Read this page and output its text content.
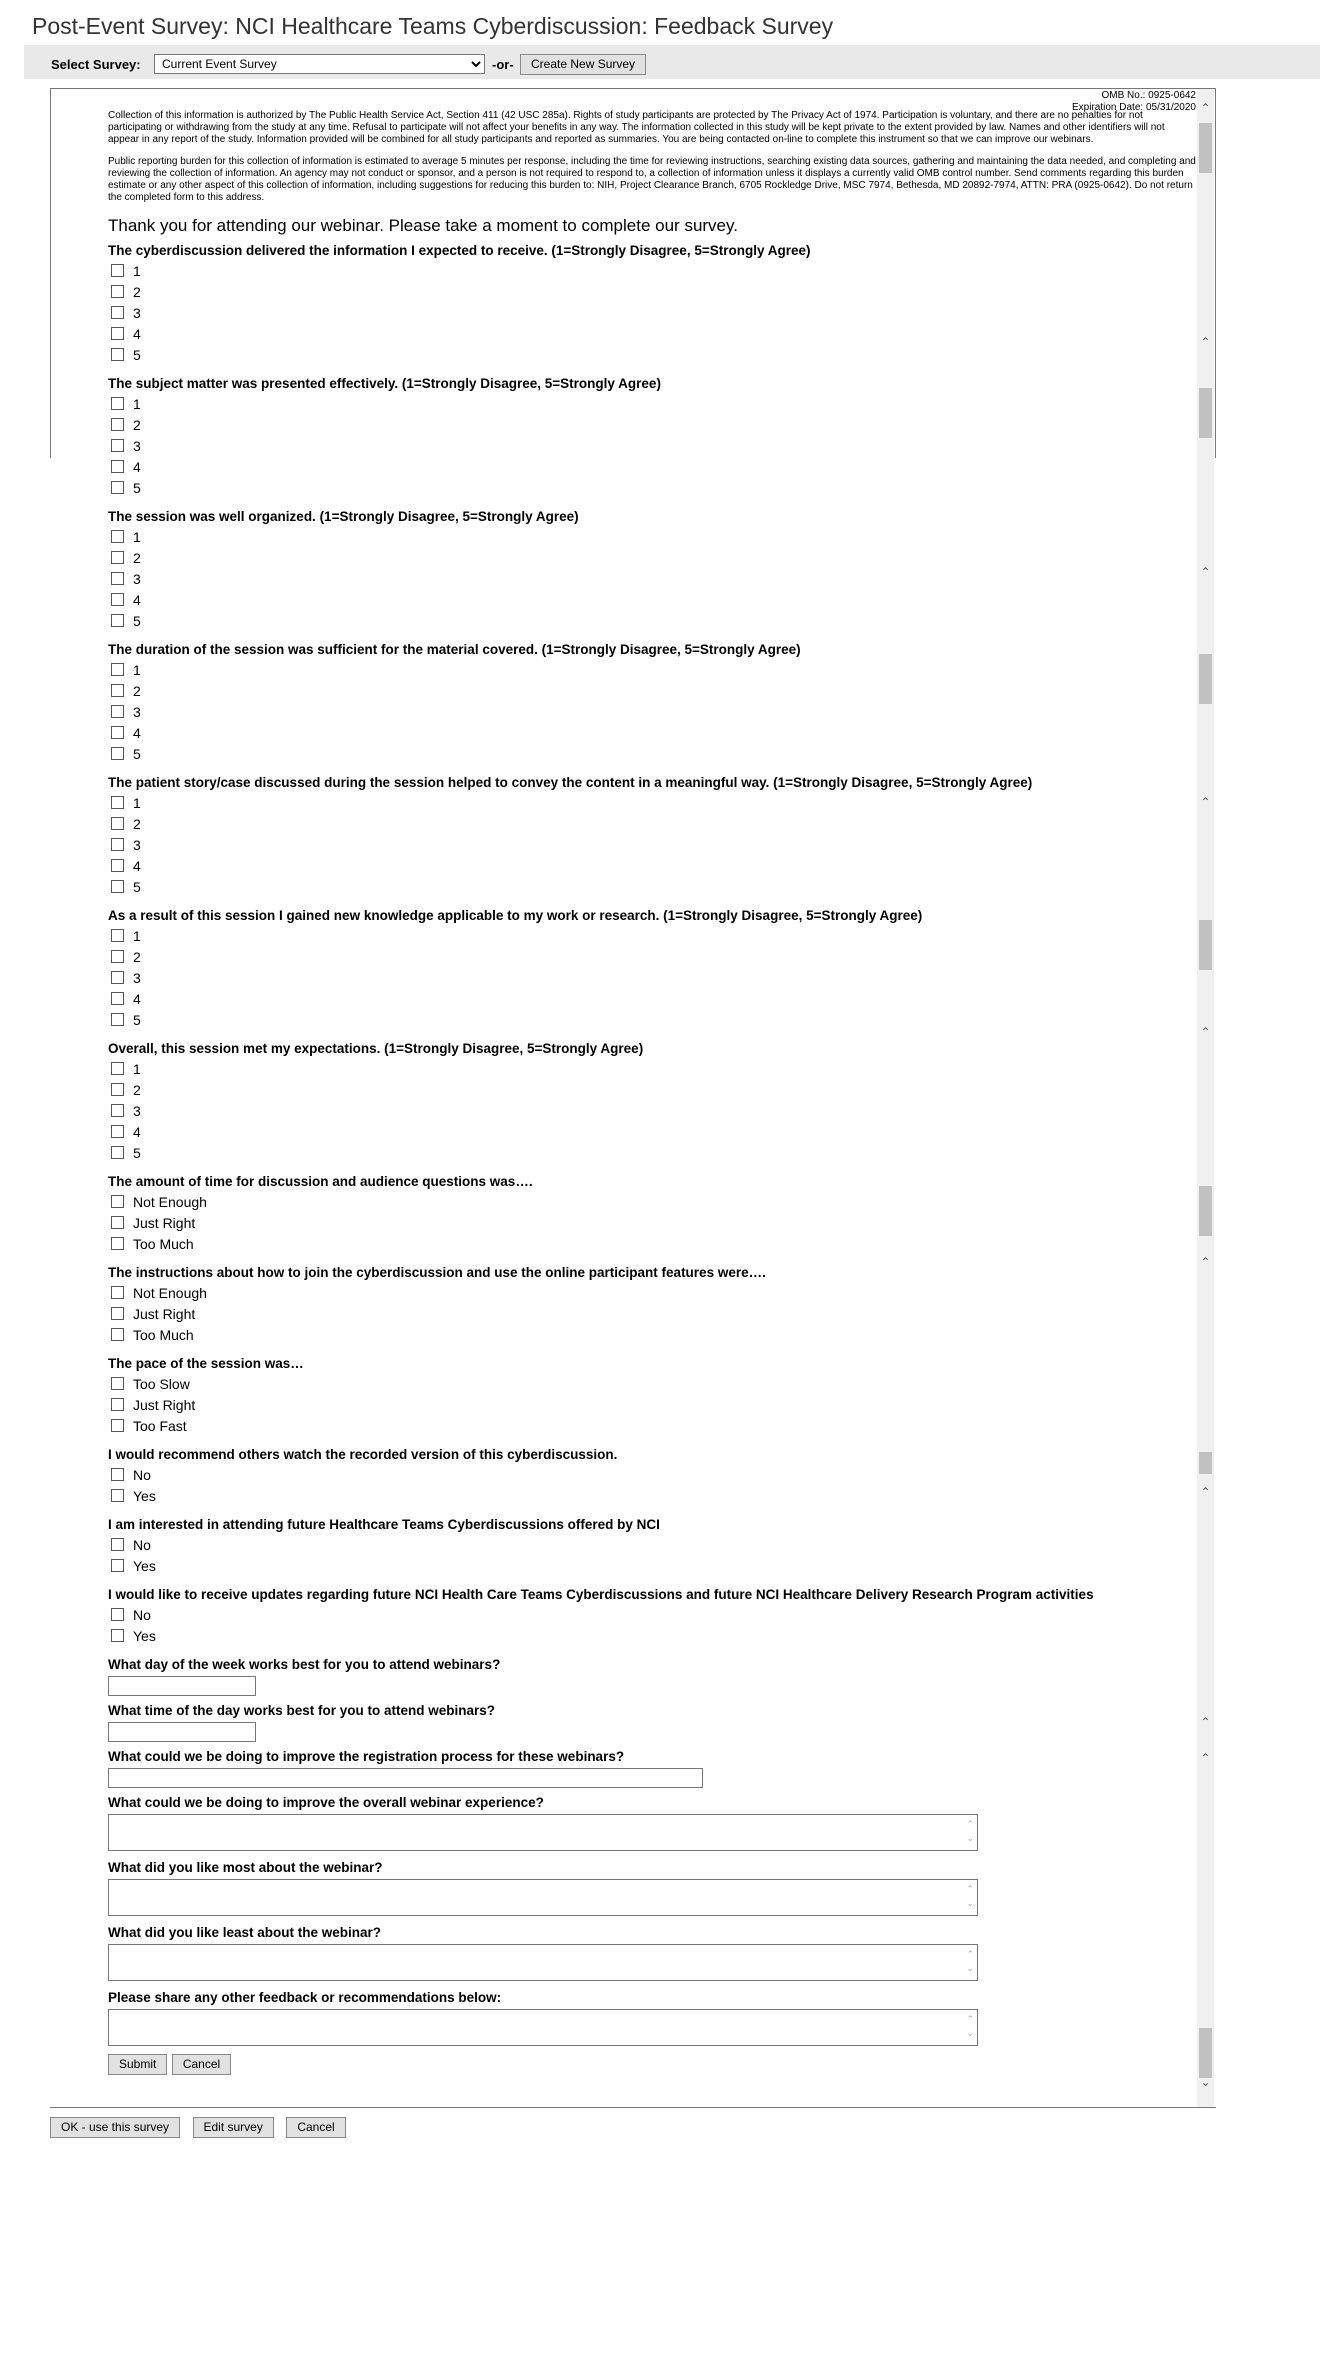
Post-Event Survey: NCI Healthcare Teams Cyberdiscussion: Feedback Survey
Select Survey:
Current Event Survey	-or-	Create New Survey
⌃
⌃
⌃
⌃
⌃
⌃
⌃
⌃
⌃
⌄
OMB No.: 0925-0642
Expiration Date: 05/31/2020

Collection of this information is authorized by The Public Health Service Act, Section 411 (42 USC 285a). Rights of study participants are protected by The Privacy Act of 1974. Participation is voluntary, and there are no penalties for not participating or withdrawing from the study at any time. Refusal to participate will not affect your benefits in any way. The information collected in this study will be kept private to the extent provided by law. Names and other identifiers will not appear in any report of the study. Information provided will be combined for all study participants and reported as summaries. You are being contacted on-line to complete this instrument so that we can improve our webinars.

Public reporting burden for this collection of information is estimated to average 5 minutes per response, including the time for reviewing instructions, searching existing data sources, gathering and maintaining the data needed, and completing and reviewing the collection of information. An agency may not conduct or sponsor, and a person is not required to respond to, a collection of information unless it displays a currently valid OMB control number. Send comments regarding this burden estimate or any other aspect of this collection of information, including suggestions for reducing this burden to: NIH, Project Clearance Branch, 6705 Rockledge Drive, MSC 7974, Bethesda, MD 20892-7974, ATTN: PRA (0925-0642). Do not return the completed form to this address.

Thank you for attending our webinar. Please take a moment to complete our survey.

The cyberdiscussion delivered the information I expected to receive. (1=Strongly Disagree, 5=Strongly Agree)

1
2
3
4
5

The subject matter was presented effectively. (1=Strongly Disagree, 5=Strongly Agree)

1
2
3
4
5

The session was well organized. (1=Strongly Disagree, 5=Strongly Agree)

1
2
3
4
5

The duration of the session was sufficient for the material covered. (1=Strongly Disagree, 5=Strongly Agree)

1
2
3
4
5

The patient story/case discussed during the session helped to convey the content in a meaningful way. (1=Strongly Disagree, 5=Strongly Agree)

1
2
3
4
5

As a result of this session I gained new knowledge applicable to my work or research. (1=Strongly Disagree, 5=Strongly Agree)

1
2
3
4
5

Overall, this session met my expectations. (1=Strongly Disagree, 5=Strongly Agree)

1
2
3
4
5

The amount of time for discussion and audience questions was….

Not Enough
Just Right
Too Much

The instructions about how to join the cyberdiscussion and use the online participant features were….

Not Enough
Just Right
Too Much

The pace of the session was…

Too Slow
Just Right
Too Fast

I would recommend others watch the recorded version of this cyberdiscussion.

No
Yes

I am interested in attending future Healthcare Teams Cyberdiscussions offered by NCI

No
Yes

I would like to receive updates regarding future NCI Health Care Teams Cyberdiscussions and future NCI Healthcare Delivery Research Program activities

No
Yes

What day of the week works best for you to attend webinars?

What time of the day works best for you to attend webinars?

What could we be doing to improve the registration process for these webinars?

What could we be doing to improve the overall webinar experience?

⌃
⌄

What did you like most about the webinar?

⌃
⌄

What did you like least about the webinar?

⌃
⌄

Please share any other feedback or recommendations below:

⌃
⌄
Submit Cancel
OK - use this survey	Edit survey	Cancel
